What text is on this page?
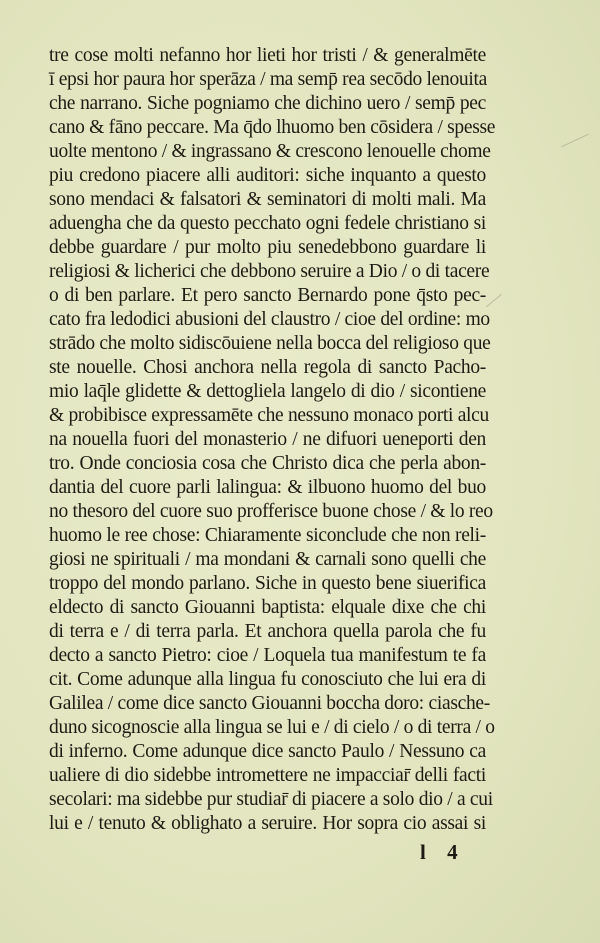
tre cose molti nefanno hor lieti hor tristi / & generalmēte
ī epsi hor paura hor sperāza / ma semp̄ rea secōdo lenouita
che narrano. Siche pogniamo che dichino uero / semp̄ pec
cano & fāno peccare. Ma q̄do lhuomo ben cōsidera / spesse
uolte mentono / & ingrassano & crescono lenouelle chome
piu credono piacere alli auditori: siche inquanto a questo
sono mendaci & falsatori & seminatori di molti mali. Ma
aduengha che da questo pecchato ogni fedele christiano si
debbe guardare / pur molto piu senedebbono guardare li
religiosi & licherici che debbono seruire a Dio / o di tacere
o di ben parlare. Et pero sancto Bernardo pone q̄sto pec-
cato fra ledodici abusioni del claustro / cioe del ordine: mo
strādo che molto sidiscōuiene nella bocca del religioso que
ste nouelle. Chosi anchora nella regola di sancto Pacho-
mio laq̄le glidette & dettogliela langelo di dio / sicontiene
& probibisce expressamēte che nessuno monaco porti alcu
na nouella fuori del monasterio / ne difuori ueneporti den
tro. Onde conciosia cosa che Christo dica che perla abon-
dantia del cuore parli lalingua: & ilbuono huomo del buo
no thesoro del cuore suo profferisce buone chose / & lo reo
huomo le ree chose: Chiaramente siconclude che non reli-
giosi ne spirituali / ma mondani & carnali sono quelli che
troppo del mondo parlano. Siche in questo bene siuerifica
eldecto di sancto Giouanni baptista: elquale dixe che chi
di terra e / di terra parla. Et anchora quella parola che fu
decto a sancto Pietro: cioe / Loquela tua manifestum te fa
cit. Come adunque alla lingua fu conosciuto che lui era di
Galilea / come dice sancto Giouanni boccha doro: ciasche-
duno sicognoscie alla lingua se lui e / di cielo / o di terra / o
di inferno. Come adunque dice sancto Paulo / Nessuno ca
ualiere di dio sidebbe intromettere ne impacciar̄ delli facti
secolari: ma sidebbe pur studiar̄ di piacere a solo dio / a cui
lui e / tenuto & oblighato a seruire. Hor sopra cio assai si
l 4
